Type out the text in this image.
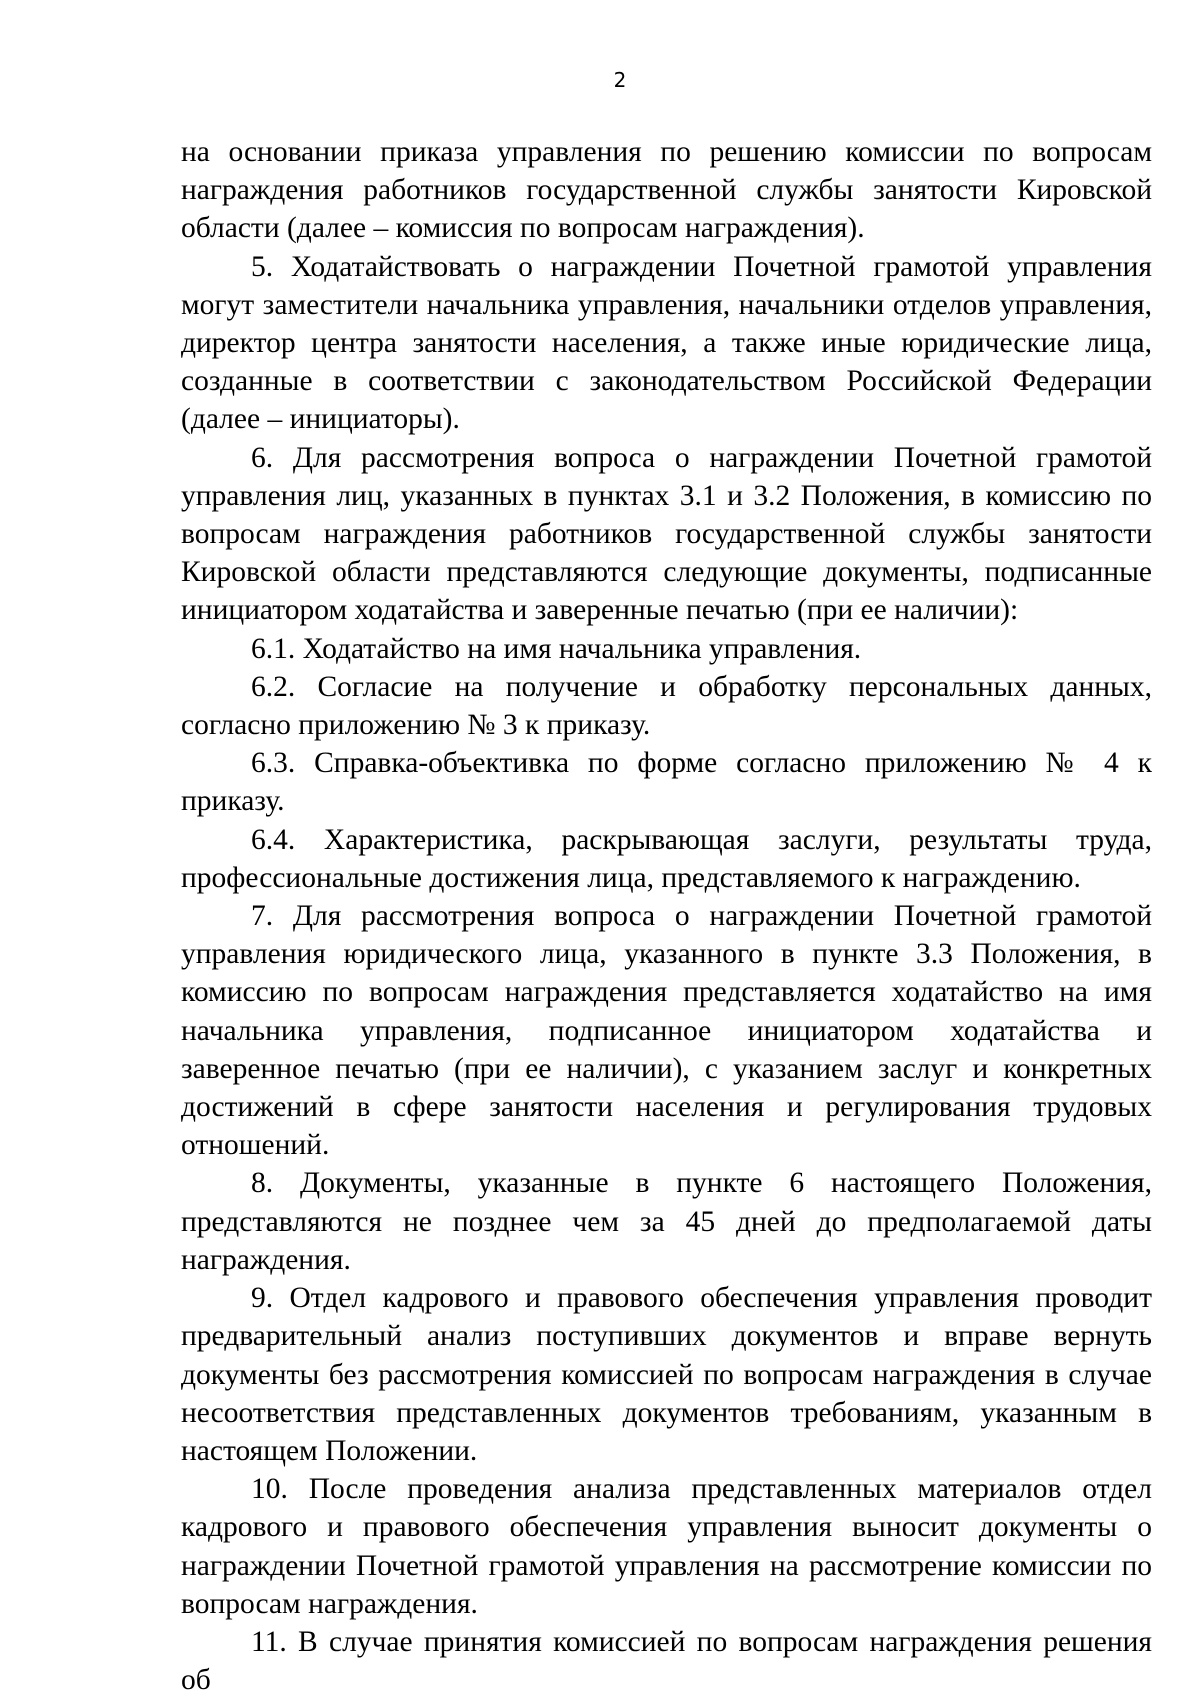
2

на основании приказа управления по решению комиссии по вопросам награждения работников государственной службы занятости Кировской области (далее – комиссия по вопросам награждения).

5. Ходатайствовать о награждении Почетной грамотой управления могут заместители начальника управления, начальники отделов управления, директор центра занятости населения, а также иные юридические лица, созданные в соответствии с законодательством Российской Федерации (далее – инициаторы).

6. Для рассмотрения вопроса о награждении Почетной грамотой управления лиц, указанных в пунктах 3.1 и 3.2 Положения, в комиссию по вопросам награждения работников государственной службы занятости Кировской области представляются следующие документы, подписанные инициатором ходатайства и заверенные печатью (при ее наличии):

6.1. Ходатайство на имя начальника управления.

6.2. Согласие на получение и обработку персональных данных, согласно приложению № 3 к приказу.

6.3. Справка-объективка по форме согласно приложению № 4 к приказу.

6.4. Характеристика, раскрывающая заслуги, результаты труда, профессиональные достижения лица, представляемого к награждению.

7. Для рассмотрения вопроса о награждении Почетной грамотой управления юридического лица, указанного в пункте 3.3 Положения, в комиссию по вопросам награждения представляется ходатайство на имя начальника управления, подписанное инициатором ходатайства и заверенное печатью (при ее наличии), с указанием заслуг и конкретных достижений в сфере занятости населения и регулирования трудовых отношений.

8. Документы, указанные в пункте 6 настоящего Положения, представляются не позднее чем за 45 дней до предполагаемой даты награждения.

9. Отдел кадрового и правового обеспечения управления проводит предварительный анализ поступивших документов и вправе вернуть документы без рассмотрения комиссией по вопросам награждения в случае несоответствия представленных документов требованиям, указанным в настоящем Положении.

10. После проведения анализа представленных материалов отдел кадрового и правового обеспечения управления выносит документы о награждении Почетной грамотой управления на рассмотрение комиссии по вопросам награждения.

11. В случае принятия комиссией по вопросам награждения решения об
